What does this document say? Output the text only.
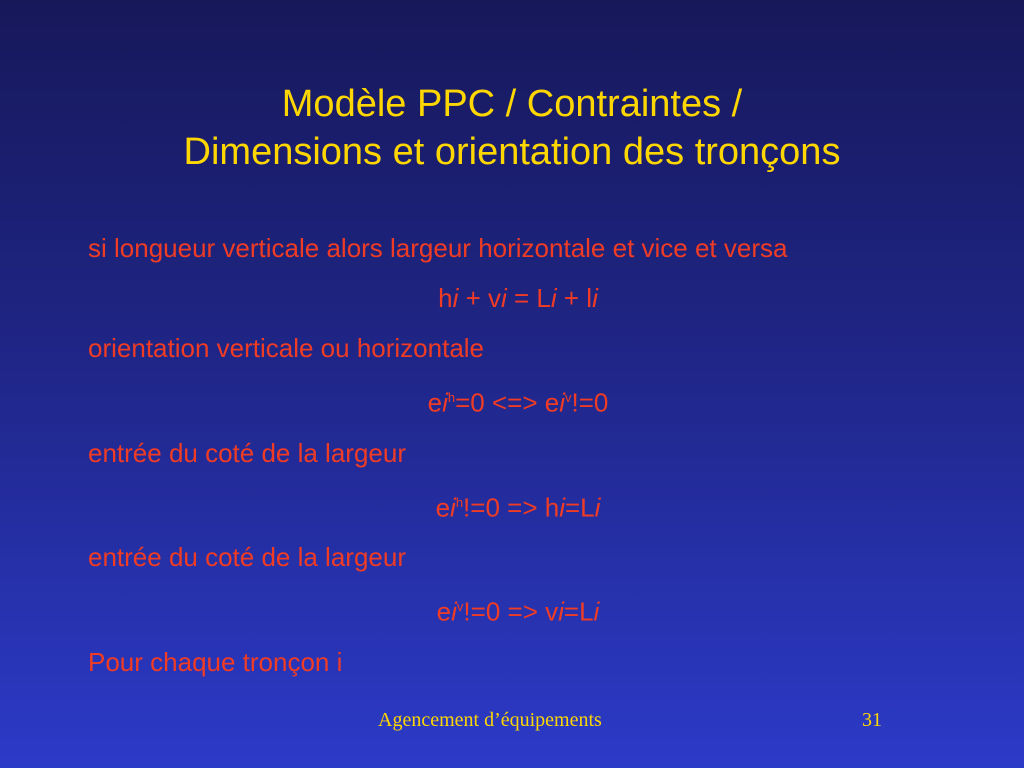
Modèle PPC / Contraintes /
Dimensions et orientation des tronçons

si longueur verticale alors largeur horizontale et vice et versa

hi + vi = Li + li

orientation verticale ou horizontale

$ei^h=0$ <=> $ei^v!=0$

entrée du coté de la largeur

$ei^h!=0 => hi=Li$

entrée du coté de la largeur

$ei^v!=0 => vi=Li$

Pour chaque tronçon i

Agencement d’équipements	31
